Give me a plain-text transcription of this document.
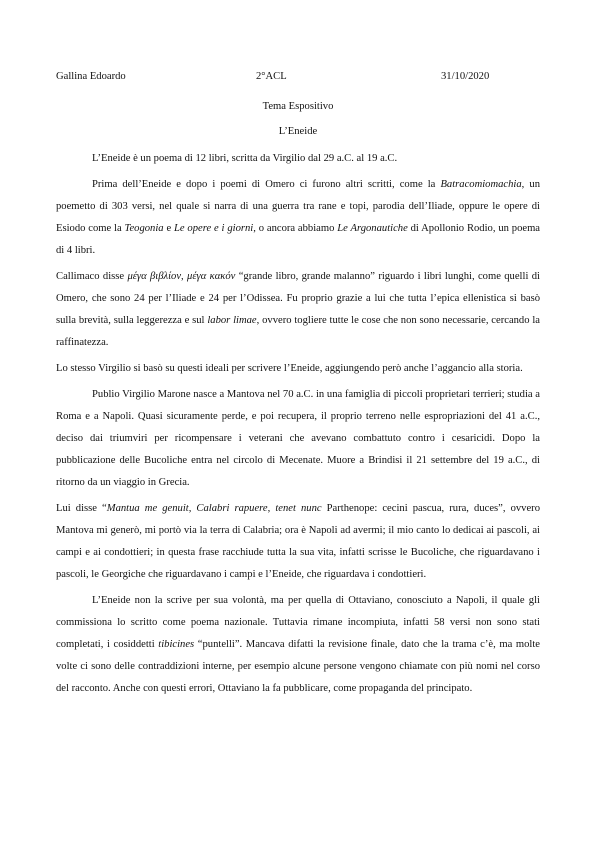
Gallina Edoardo	2°ACL	31/10/2020
Tema Espositivo
L’Eneide

L’Eneide è un poema di 12 libri, scritta da Virgilio dal 29 a.C. al 19 a.C.

Prima dell’Eneide e dopo i poemi di Omero ci furono altri scritti, come la Batracomiomachia, un poemetto di 303 versi, nel quale si narra di una guerra tra rane e topi, parodia dell’Iliade, oppure le opere di Esiodo come la Teogonia e Le opere e i giorni, o ancora abbiamo Le Argonautiche di Apollonio Rodio, un poema di 4 libri.

Callimaco disse μέγα βιβλίον, μέγα κακόν “grande libro, grande malanno” riguardo i libri lunghi, come quelli di Omero, che sono 24 per l’Iliade e 24 per l’Odissea. Fu proprio grazie a lui che tutta l’epica ellenistica si basò sulla brevità, sulla leggerezza e sul labor limae, ovvero togliere tutte le cose che non sono necessarie, cercando la raffinatezza.

Lo stesso Virgilio si basò su questi ideali per scrivere l’Eneide, aggiungendo però anche l’aggancio alla storia.

Publio Virgilio Marone nasce a Mantova nel 70 a.C. in una famiglia di piccoli proprietari terrieri; studia a Roma e a Napoli. Quasi sicuramente perde, e poi recupera, il proprio terreno nelle espropriazioni del 41 a.C., deciso dai triumviri per ricompensare i veterani che avevano combattuto contro i cesaricidi. Dopo la pubblicazione delle Bucoliche entra nel circolo di Mecenate. Muore a Brindisi il 21 settembre del 19 a.C., di ritorno da un viaggio in Grecia.

Lui disse “Mantua me genuit, Calabri rapuere, tenet nunc Parthenope: cecini pascua, rura, duces”, ovvero Mantova mi generò, mi portò via la terra di Calabria; ora è Napoli ad avermi; il mio canto lo dedicai ai pascoli, ai campi e ai condottieri; in questa frase racchiude tutta la sua vita, infatti scrisse le Bucoliche, che riguardavano i pascoli, le Georgiche che riguardavano i campi e l’Eneide, che riguardava i condottieri.

L’Eneide non la scrive per sua volontà, ma per quella di Ottaviano, conosciuto a Napoli, il quale gli commissiona lo scritto come poema nazionale. Tuttavia rimane incompiuta, infatti 58 versi non sono stati completati, i cosiddetti tibicines “puntelli”. Mancava difatti la revisione finale, dato che la trama c’è, ma molte volte ci sono delle contraddizioni interne, per esempio alcune persone vengono chiamate con più nomi nel corso del racconto. Anche con questi errori, Ottaviano la fa pubblicare, come propaganda del principato.
